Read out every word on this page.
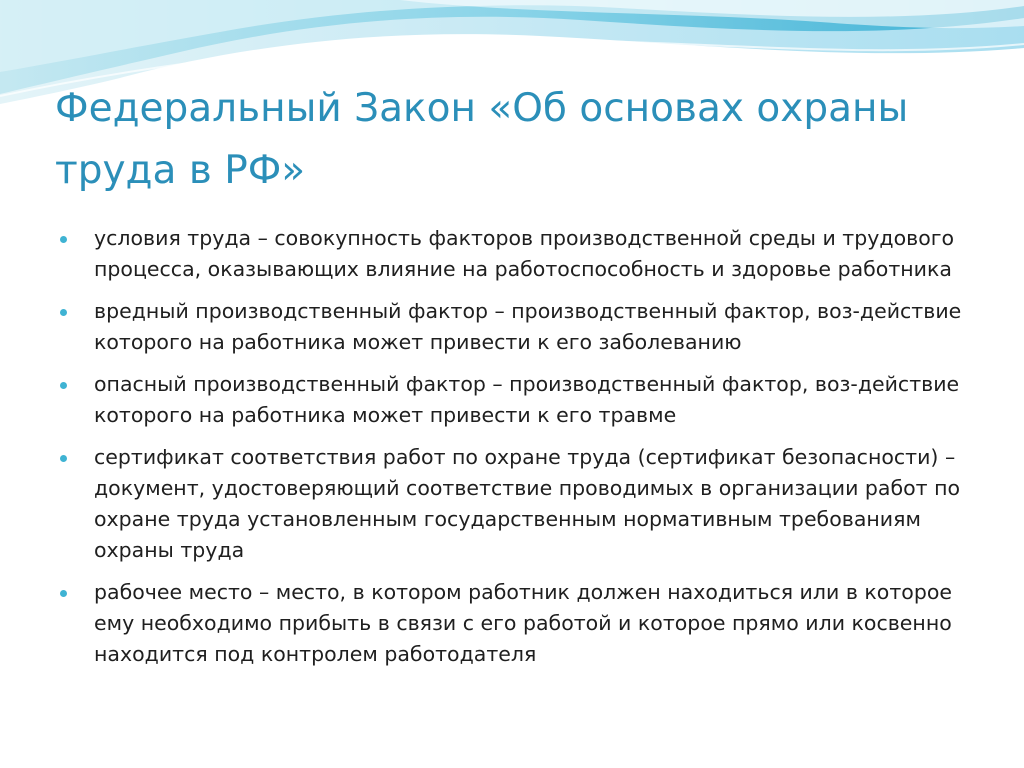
Федеральный Закон «Об основах охраны труда в РФ»
условия труда – совокупность факторов производственной среды и трудового процесса, оказывающих влияние на работоспособность и здоровье работника
вредный производственный фактор – производственный фактор, воз-действие которого на работника может привести к его заболеванию
опасный производственный фактор – производственный фактор, воз-действие которого на работника может привести к его травме
сертификат соответствия работ по охране труда (сертификат безопасности) – документ, удостоверяющий соответствие проводимых в организации работ по охране труда установленным государственным нормативным требованиям охраны труда
рабочее место – место, в котором работник должен находиться или в которое ему необходимо прибыть в связи с его работой и которое прямо или косвенно находится под контролем работодателя
